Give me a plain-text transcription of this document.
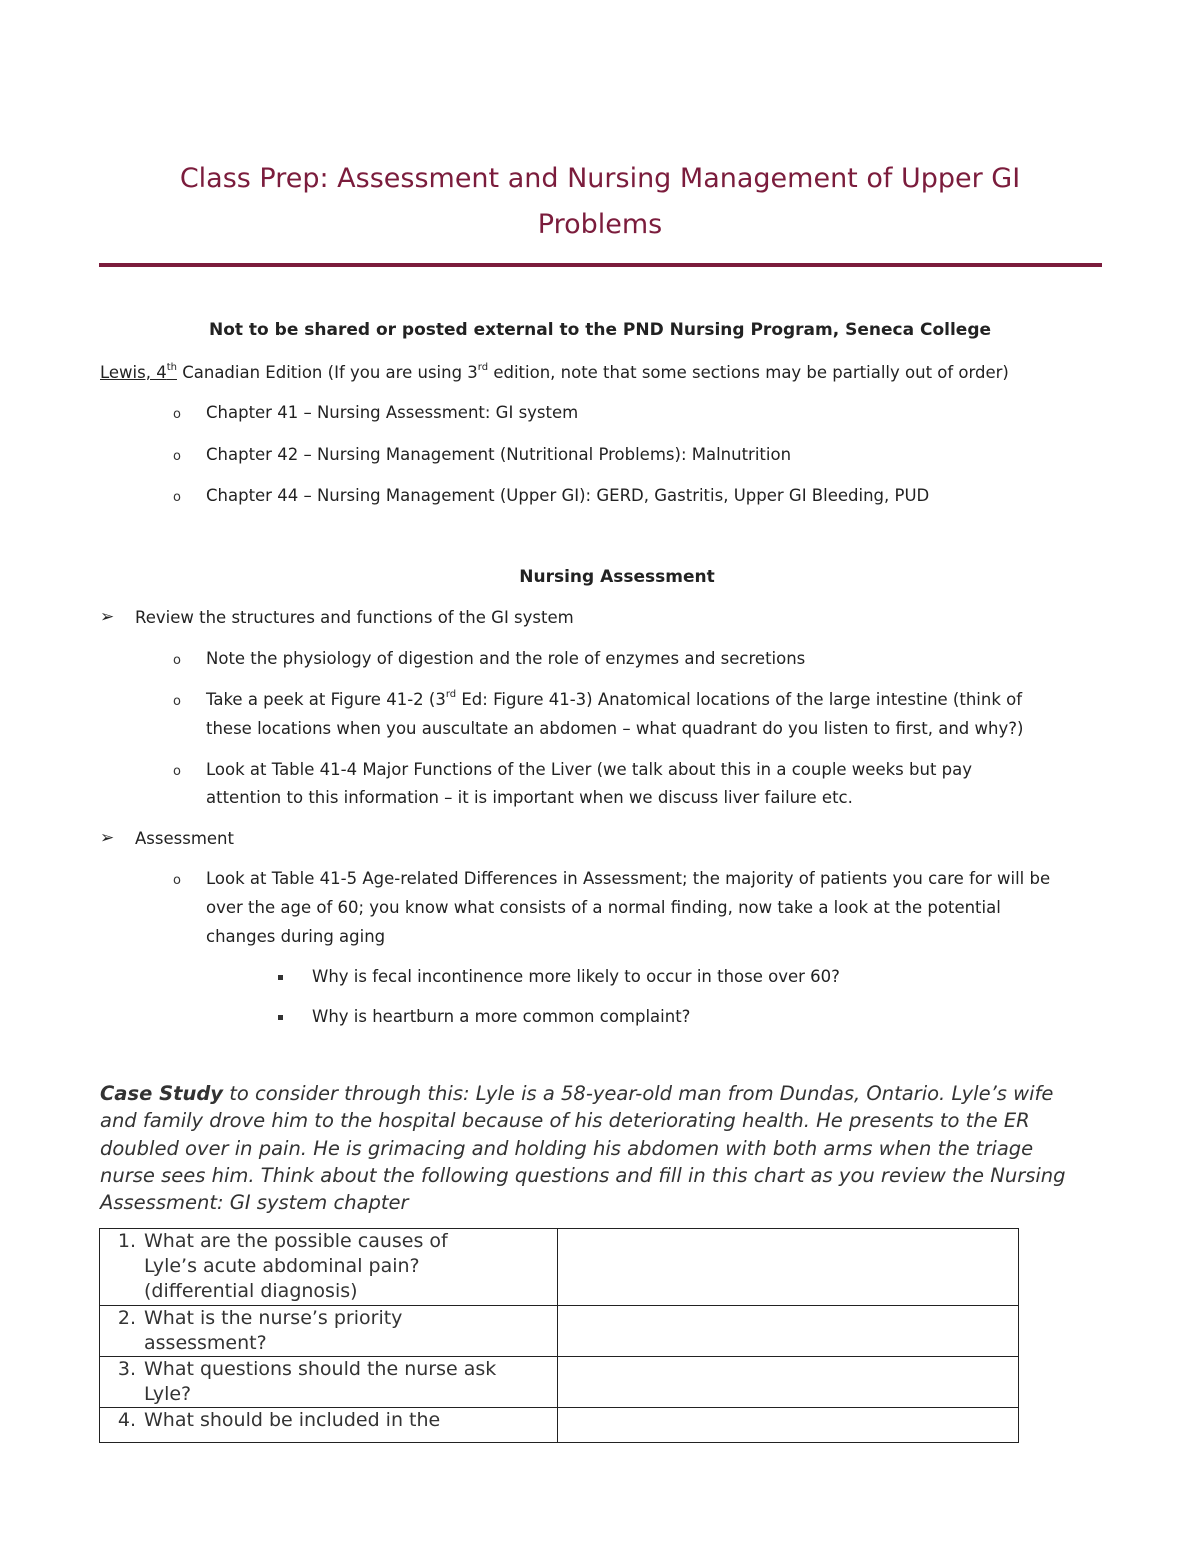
Class Prep: Assessment and Nursing Management of Upper GI
Problems
Not to be shared or posted external to the PND Nursing Program, Seneca College
Lewis, 4th Canadian Edition (If you are using 3rd edition, note that some sections may be partially out of order)
o Chapter 41 – Nursing Assessment: GI system
o Chapter 42 – Nursing Management (Nutritional Problems): Malnutrition
o Chapter 44 – Nursing Management (Upper GI): GERD, Gastritis, Upper GI Bleeding, PUD
Nursing Assessment
➢ Review the structures and functions of the GI system
o Note the physiology of digestion and the role of enzymes and secretions
o Take a peek at Figure 41-2 (3rd Ed: Figure 41-3) Anatomical locations of the large intestine (think of
these locations when you auscultate an abdomen – what quadrant do you listen to first, and why?)
o Look at Table 41-4 Major Functions of the Liver (we talk about this in a couple weeks but pay
attention to this information – it is important when we discuss liver failure etc.
➢ Assessment
o Look at Table 41-5 Age-related Differences in Assessment; the majority of patients you care for will be
over the age of 60; you know what consists of a normal finding, now take a look at the potential
changes during aging
Why is fecal incontinence more likely to occur in those over 60?
Why is heartburn a more common complaint?
Case Study to consider through this: Lyle is a 58-year-old man from Dundas, Ontario. Lyle’s wife and family drove him to the hospital because of his deteriorating health. He presents to the ER doubled over in pain. He is grimacing and holding his abdomen with both arms when the triage nurse sees him. Think about the following questions and fill in this chart as you review the Nursing Assessment: GI system chapter
1. What are the possible causes of Lyle’s acute abdominal pain? (differential diagnosis)	
2. What is the nurse’s priority assessment?	
3. What questions should the nurse ask Lyle?	
4. What should be included in the	
